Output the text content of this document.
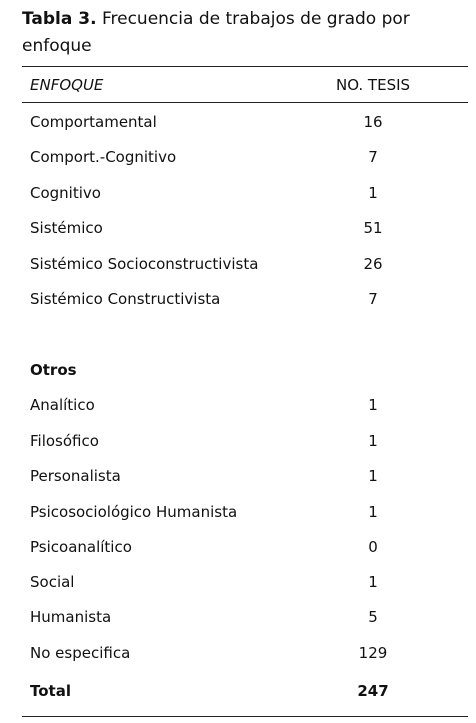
Tabla 3. Frecuencia de trabajos de grado por enfoque
ENFOQUE	NO. TESIS
Comportamental	16
Comport.-Cognitivo	7
Cognitivo	1
Sistémico	51
Sistémico Socioconstructivista	26
Sistémico Constructivista	7
Otros
Analítico	1
Filosófico	1
Personalista	1
Psicosociológico Humanista	1
Psicoanalítico	0
Social	1
Humanista	5
No especifica	129
Total	247
